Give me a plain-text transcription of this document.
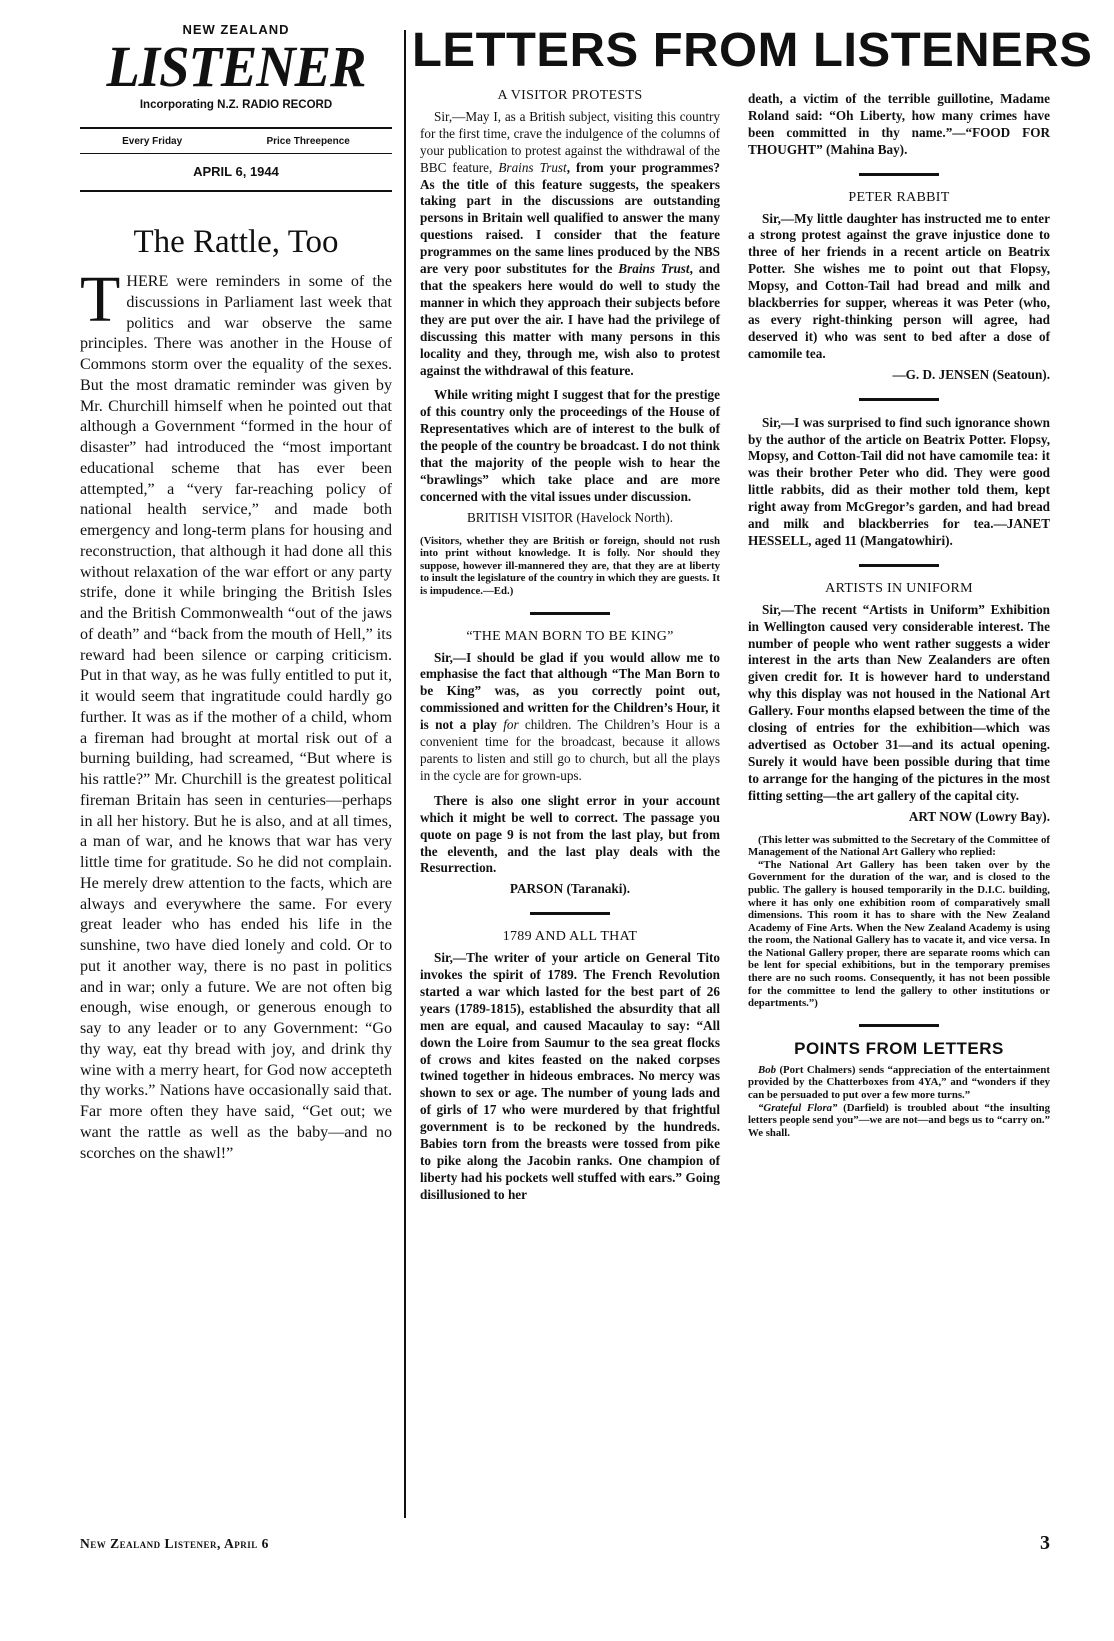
NEW ZEALAND
LISTENER
Incorporating N.Z. RADIO RECORD
Every Friday	Price Threepence
APRIL 6, 1944
The Rattle, Too
THERE were reminders in some of the discussions in Parliament last week that politics and war observe the same principles. There was another in the House of Commons storm over the equality of the sexes. But the most dramatic reminder was given by Mr. Churchill himself when he pointed out that although a Government “formed in the hour of disaster” had introduced the “most important educational scheme that has ever been attempted,” a “very far-reaching policy of national health service,” and made both emergency and long-term plans for housing and reconstruction, that although it had done all this without relaxation of the war effort or any party strife, done it while bringing the British Isles and the British Commonwealth “out of the jaws of death” and “back from the mouth of Hell,” its reward had been silence or carping criticism. Put in that way, as he was fully entitled to put it, it would seem that ingratitude could hardly go further. It was as if the mother of a child, whom a fireman had brought at mortal risk out of a burning building, had screamed, “But where is his rattle?” Mr. Churchill is the greatest political fireman Britain has seen in centuries—perhaps in all her history. But he is also, and at all times, a man of war, and he knows that war has very little time for gratitude. So he did not complain. He merely drew attention to the facts, which are always and everywhere the same. For every great leader who has ended his life in the sunshine, two have died lonely and cold. Or to put it another way, there is no past in politics and in war; only a future. We are not often big enough, wise enough, or generous enough to say to any leader or to any Government: “Go thy way, eat thy bread with joy, and drink thy wine with a merry heart, for God now accepteth thy works.” Nations have occasionally said that. Far more often they have said, “Get out; we want the rattle as well as the baby—and no scorches on the shawl!”
LETTERS FROM LISTENERS
A VISITOR PROTESTS

Sir,—May I, as a British subject, visiting this country for the first time, crave the indulgence of the columns of your publication to protest against the withdrawal of the BBC feature, Brains Trust, from your programmes? As the title of this feature suggests, the speakers taking part in the discussions are outstanding persons in Britain well qualified to answer the many questions raised. I consider that the feature programmes on the same lines produced by the NBS are very poor substitutes for the Brains Trust, and that the speakers here would do well to study the manner in which they approach their subjects before they are put over the air. I have had the privilege of discussing this matter with many persons in this locality and they, through me, wish also to protest against the withdrawal of this feature.

While writing might I suggest that for the prestige of this country only the proceedings of the House of Representatives which are of interest to the bulk of the people of the country be broadcast. I do not think that the majority of the people wish to hear the “brawlings” which take place and are more concerned with the vital issues under discussion.

BRITISH VISITOR (Havelock North).

(Visitors, whether they are British or foreign, should not rush into print without knowledge. It is folly. Nor should they suppose, however ill-mannered they are, that they are at liberty to insult the legislature of the country in which they are guests. It is impudence.—Ed.)
“THE MAN BORN TO BE KING”

Sir,—I should be glad if you would allow me to emphasise the fact that although “The Man Born to be King” was, as you correctly point out, commissioned and written for the Children’s Hour, it is not a play for children. The Children’s Hour is a convenient time for the broadcast, because it allows parents to listen and still go to church, but all the plays in the cycle are for grown-ups.

There is also one slight error in your account which it might be well to correct. The passage you quote on page 9 is not from the last play, but from the eleventh, and the last play deals with the Resurrection.

PARSON (Taranaki).

1789 AND ALL THAT

Sir,—The writer of your article on General Tito invokes the spirit of 1789. The French Revolution started a war which lasted for the best part of 26 years (1789-1815), established the absurdity that all men are equal, and caused Macaulay to say: “All down the Loire from Saumur to the sea great flocks of crows and kites feasted on the naked corpses twined together in hideous embraces. No mercy was shown to sex or age. The number of young lads and of girls of 17 who were murdered by that frightful government is to be reckoned by the hundreds. Babies torn from the breasts were tossed from pike to pike along the Jacobin ranks. One champion of liberty had his pockets well stuffed with ears.” Going disillusioned to her

death, a victim of the terrible guillotine, Madame Roland said: “Oh Liberty, how many crimes have been committed in thy name.”—“FOOD FOR THOUGHT” (Mahina Bay).

PETER RABBIT

Sir,—My little daughter has instructed me to enter a strong protest against the grave injustice done to three of her friends in a recent article on Beatrix Potter. She wishes me to point out that Flopsy, Mopsy, and Cotton-Tail had bread and milk and blackberries for supper, whereas it was Peter (who, as every right-thinking person will agree, had deserved it) who was sent to bed after a dose of camomile tea.

—G. D. JENSEN (Seatoun).

Sir,—I was surprised to find such ignorance shown by the author of the article on Beatrix Potter. Flopsy, Mopsy, and Cotton-Tail did not have camomile tea: it was their brother Peter who did. They were good little rabbits, did as their mother told them, kept right away from McGregor’s garden, and had bread and milk and blackberries for tea.—JANET HESSELL, aged 11 (Mangatowhiri).

ARTISTS IN UNIFORM

Sir,—The recent “Artists in Uniform” Exhibition in Wellington caused very considerable interest. The number of people who went rather suggests a wider interest in the arts than New Zealanders are often given credit for. It is however hard to understand why this display was not housed in the National Art Gallery. Four months elapsed between the time of the closing of entries for the exhibition—which was advertised as October 31—and its actual opening. Surely it would have been possible during that time to arrange for the hanging of the pictures in the most fitting setting—the art gallery of the capital city.

ART NOW (Lowry Bay).

(This letter was submitted to the Secretary of the Committee of Management of the National Art Gallery who replied:

“The National Art Gallery has been taken over by the Government for the duration of the war, and is closed to the public. The gallery is housed temporarily in the D.I.C. building, where it has only one exhibition room of comparatively small dimensions. This room it has to share with the New Zealand Academy of Fine Arts. When the New Zealand Academy is using the room, the National Gallery has to vacate it, and vice versa. In the National Gallery proper, there are separate rooms which can be lent for special exhibitions, but in the temporary premises there are no such rooms. Consequently, it has not been possible for the committee to lend the gallery to other institutions or departments.”)

POINTS FROM LETTERS

Bob (Port Chalmers) sends “appreciation of the entertainment provided by the Chatterboxes from 4YA,” and “wonders if they can be persuaded to put over a few more turns.”

“Grateful Flora” (Darfield) is troubled about “the insulting letters people send you”—we are not—and begs us to “carry on.” We shall.

New Zealand Listener, April 6	3
